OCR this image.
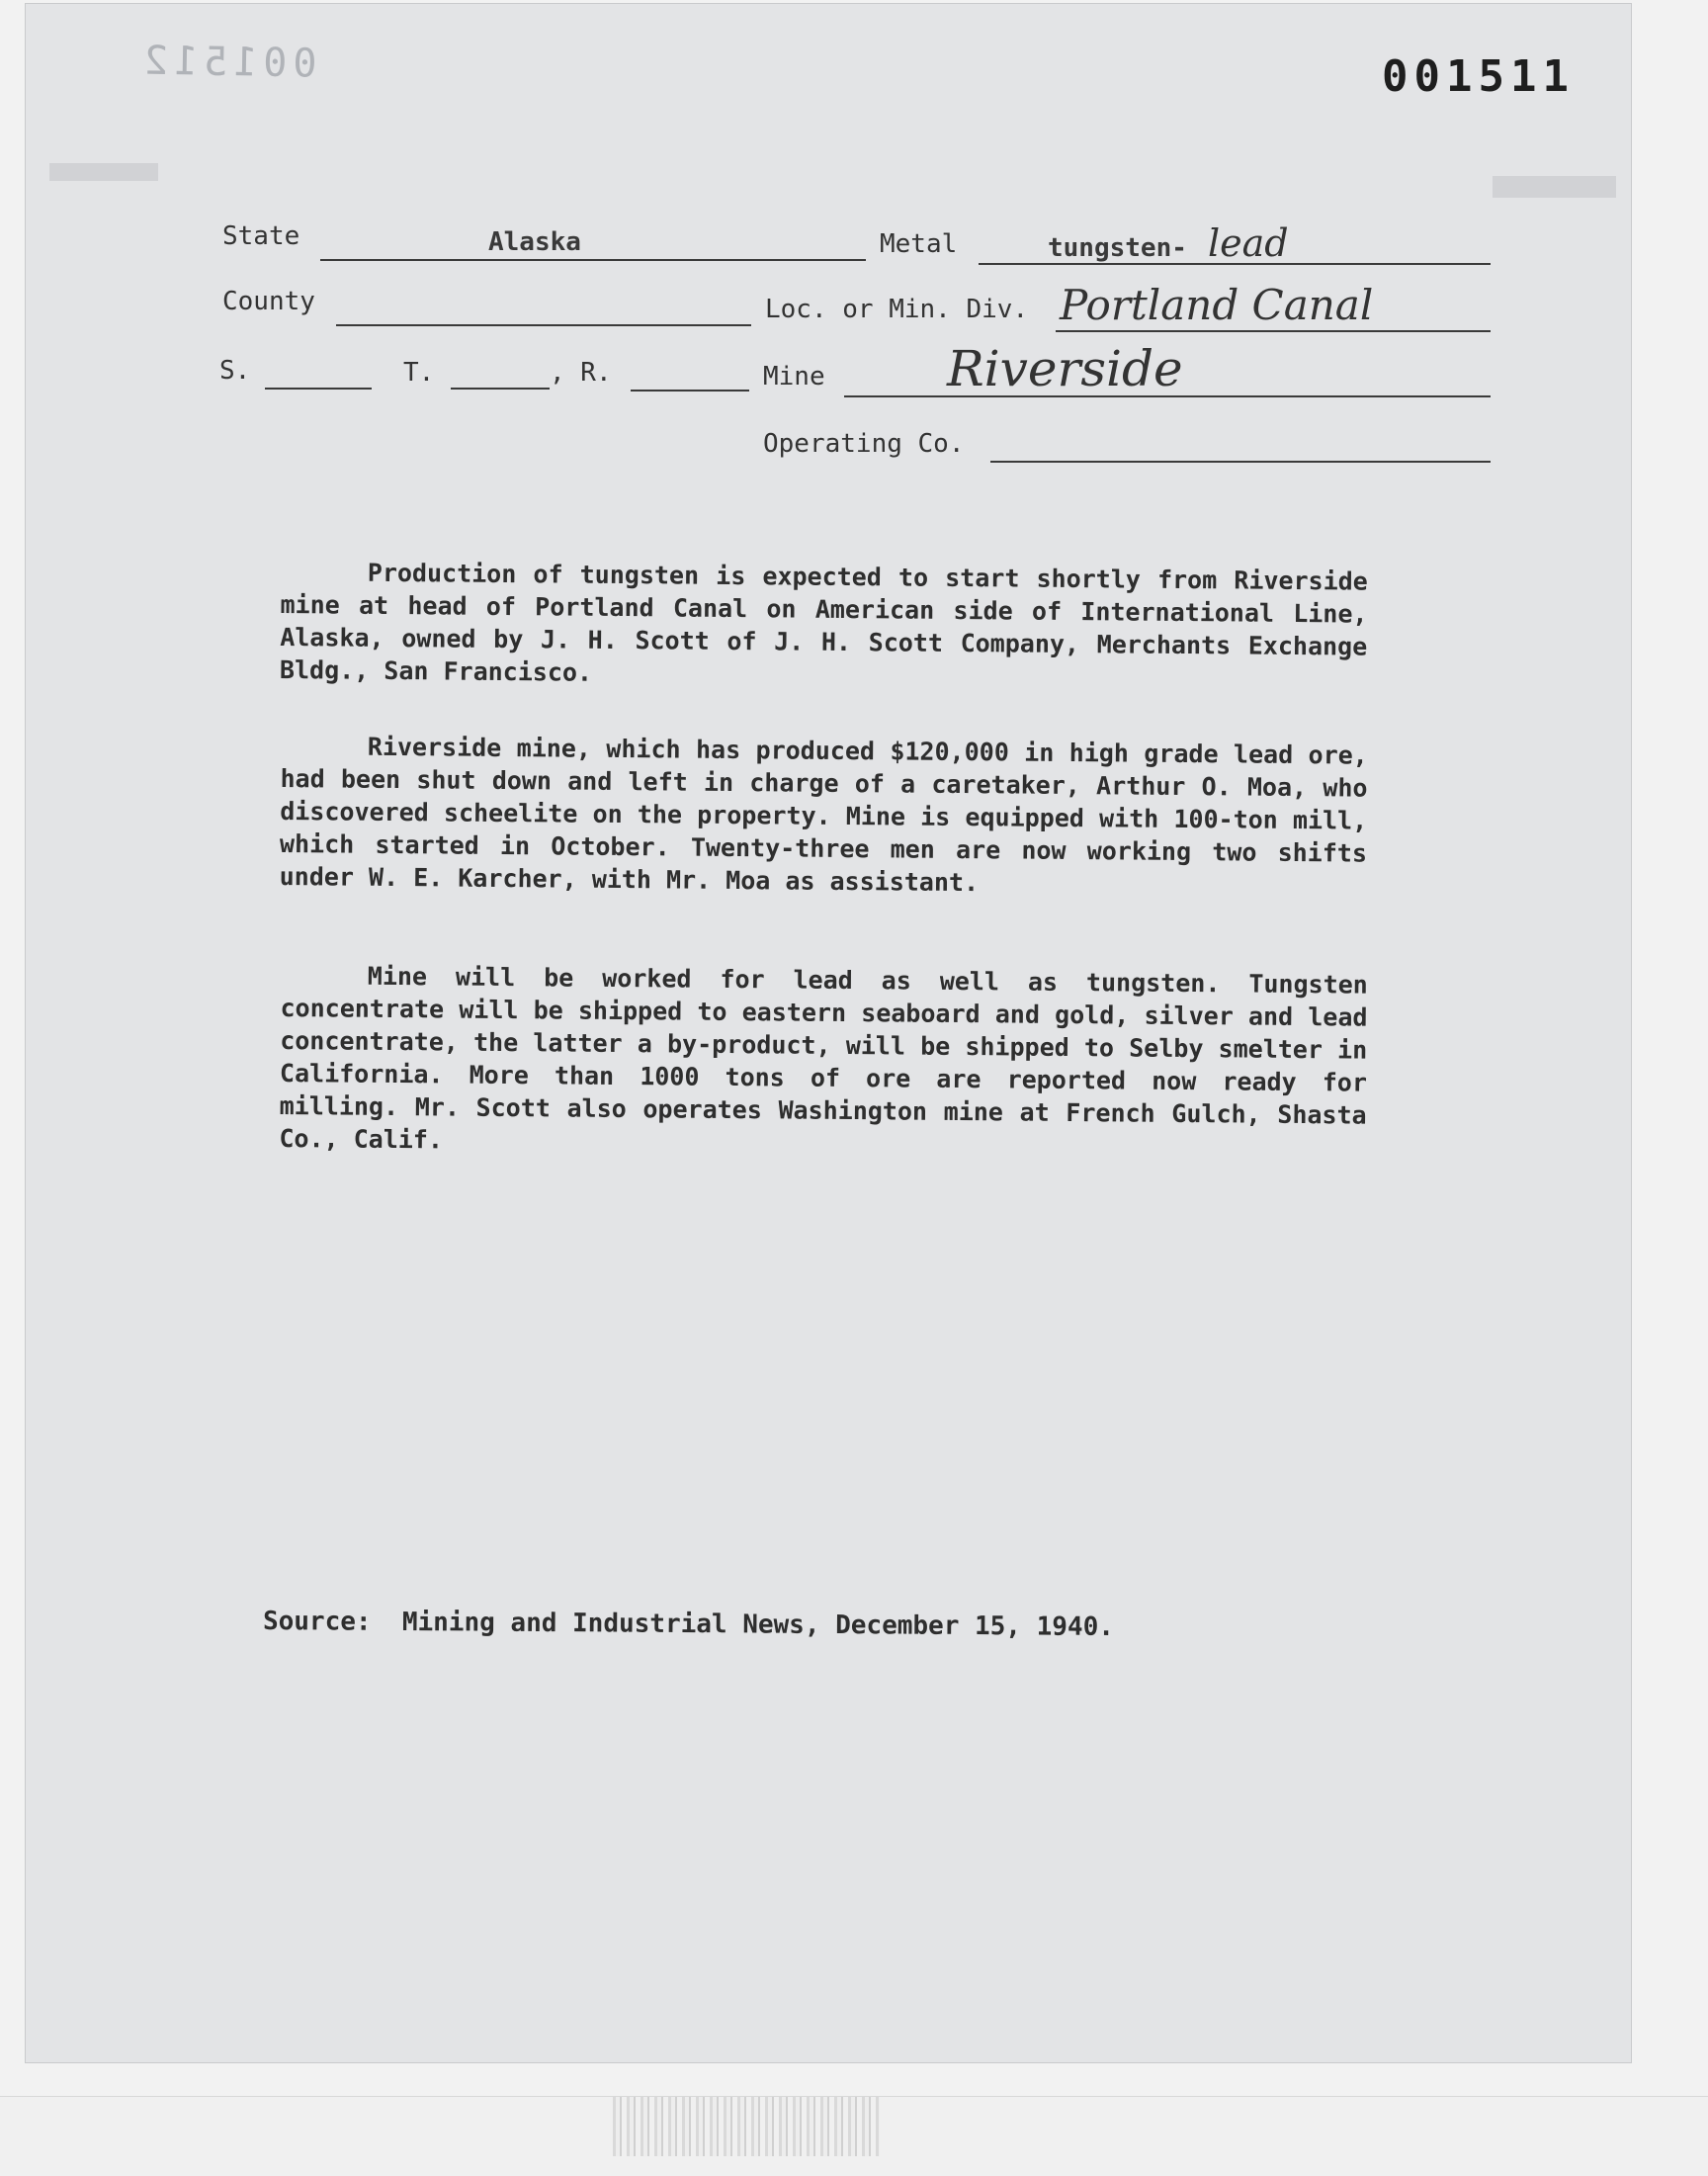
001512	001511
State	Alaska	Metal	tungsten- lead
County	Loc. or Min. Div. Portland Canal
S.	T.	, R.	Mine Riverside
Operating Co.
Production of tungsten is expected to start shortly from Riverside mine at head of Portland Canal on American side of International Line, Alaska, owned by J. H. Scott of J. H. Scott Company, Merchants Exchange Bldg., San Francisco.
Riverside mine, which has produced $120,000 in high grade lead ore, had been shut down and left in charge of a caretaker, Arthur O. Moa, who discovered scheelite on the property. Mine is equipped with 100-ton mill, which started in October. Twenty-three men are now working two shifts under W. E. Karcher, with Mr. Moa as assistant.
Mine will be worked for lead as well as tungsten. Tungsten concentrate will be shipped to eastern seaboard and gold, silver and lead concentrate, the latter a by-product, will be shipped to Selby smelter in California. More than 1000 tons of ore are reported now ready for milling. Mr. Scott also operates Washington mine at French Gulch, Shasta Co., Calif.
Source: Mining and Industrial News, December 15, 1940.
